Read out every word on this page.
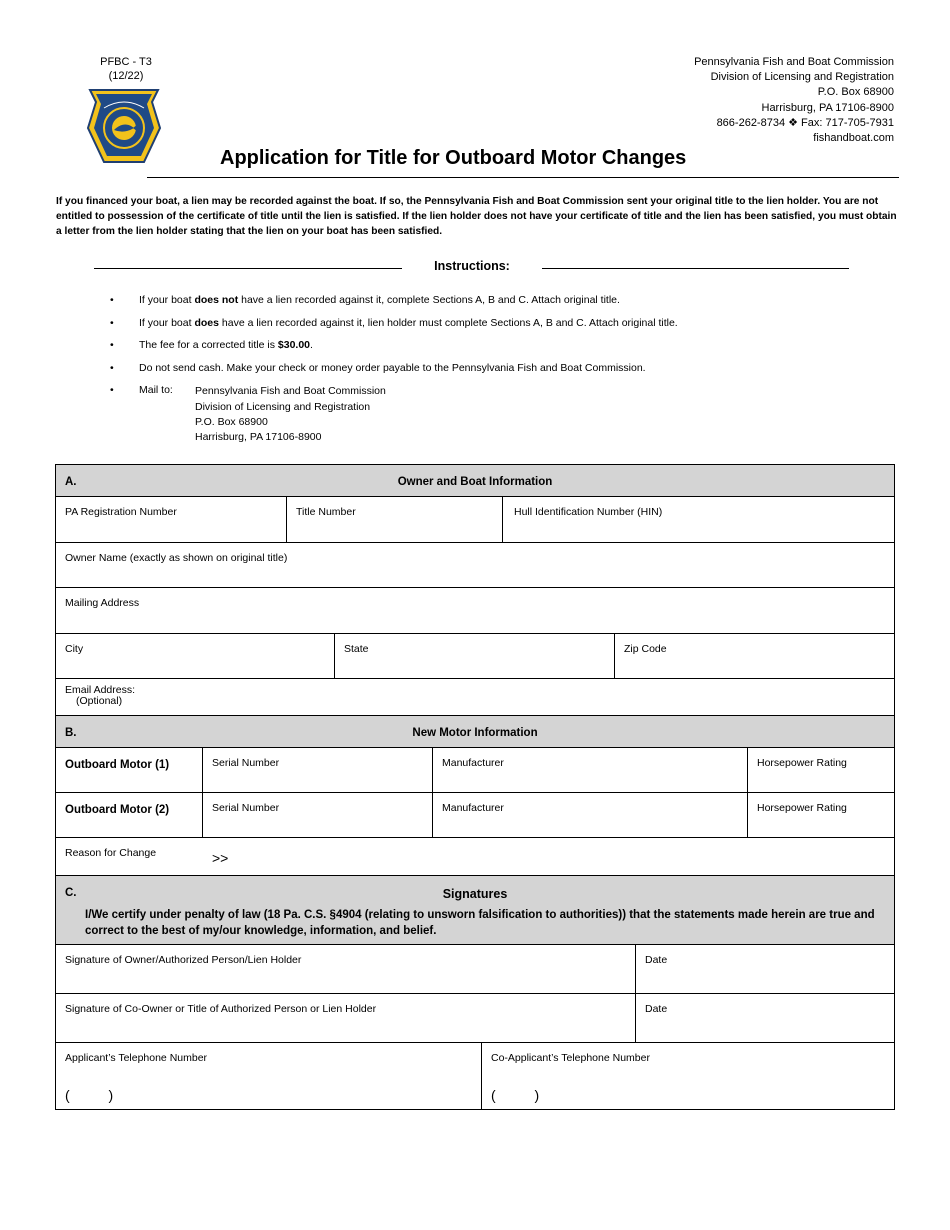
PFBC - T3
(12/22)
Pennsylvania Fish and Boat Commission
Division of Licensing and Registration
P.O. Box 68900
Harrisburg, PA 17106-8900
866-262-8734 ❖ Fax: 717-705-7931
fishandboat.com
Application for Title for Outboard Motor Changes
If you financed your boat, a lien may be recorded against the boat. If so, the Pennsylvania Fish and Boat Commission sent your original title to the lien holder. You are not entitled to possession of the certificate of title until the lien is satisfied. If the lien holder does not have your certificate of title and the lien has been satisfied, you must obtain a letter from the lien holder stating that the lien on your boat has been satisfied.
Instructions:
•	If your boat does not have a lien recorded against it, complete Sections A, B and C. Attach original title.
•	If your boat does have a lien recorded against it, lien holder must complete Sections A, B and C. Attach original title.
•	The fee for a corrected title is $30.00.
•	Do not send cash. Make your check or money order payable to the Pennsylvania Fish and Boat Commission.
•	Mail to:	Pennsylvania Fish and Boat Commission
Division of Licensing and Registration
P.O. Box 68900
Harrisburg, PA 17106-8900
A.	Owner and Boat Information
PA Registration Number	Title Number	Hull Identification Number (HIN)
Owner Name (exactly as shown on original title)
Mailing Address
City	State	Zip Code
Email Address:
(Optional)
B.	New Motor Information
Outboard Motor (1)	Serial Number	Manufacturer	Horsepower Rating
Outboard Motor (2)	Serial Number	Manufacturer	Horsepower Rating
Reason for Change	>>
C.	Signatures
I/We certify under penalty of law (18 Pa. C.S. §4904 (relating to unsworn falsification to authorities)) that the statements made herein are true and correct to the best of my/our knowledge, information, and belief.
Signature of Owner/Authorized Person/Lien Holder	Date
Signature of Co-Owner or Title of Authorized Person or Lien Holder	Date
Applicant’s Telephone Number
(          )
Co-Applicant’s Telephone Number
(          )
